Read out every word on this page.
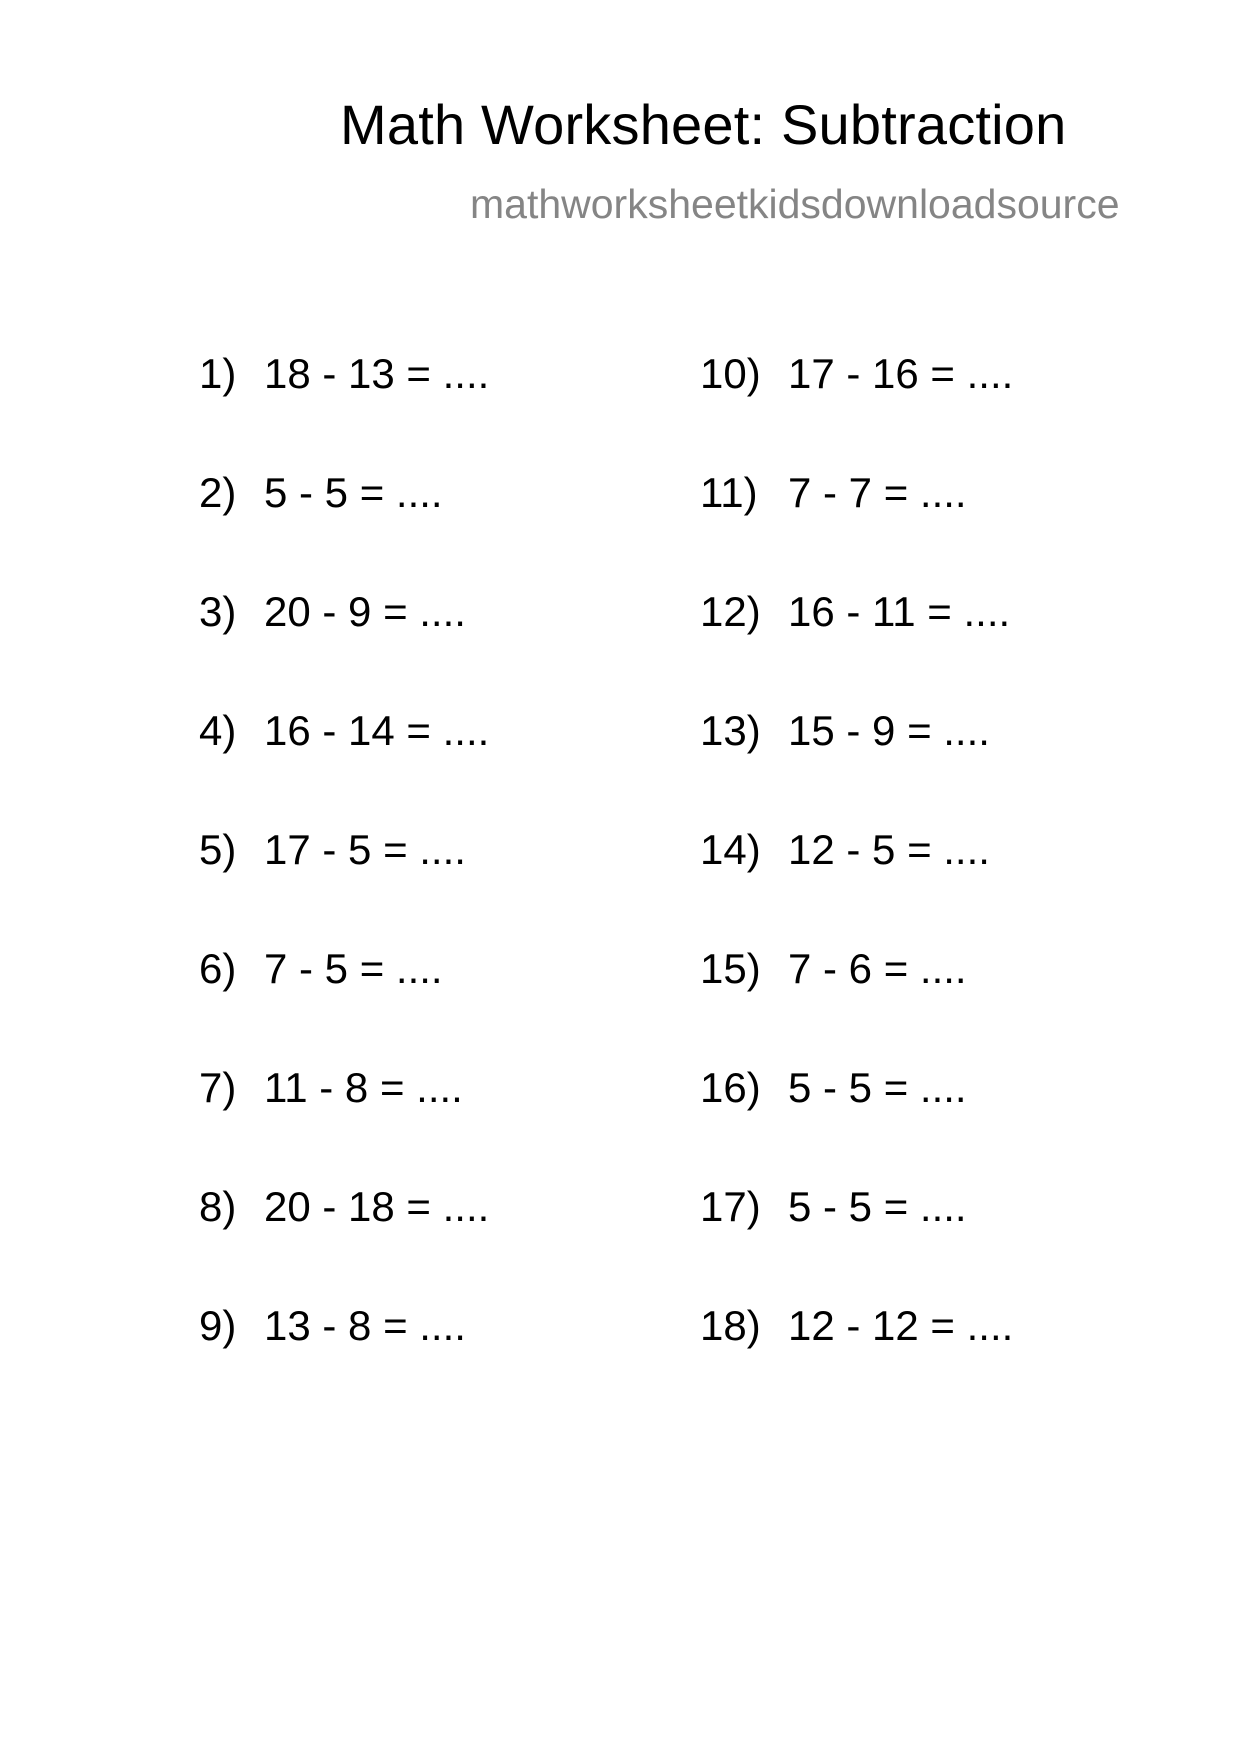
Math Worksheet: Subtraction
mathworksheetkidsdownloadsource
1) 18 - 13 = ....
2) 5 - 5 = ....
3) 20 - 9 = ....
4) 16 - 14 = ....
5) 17 - 5 = ....
6) 7 - 5 = ....
7) 11 - 8 = ....
8) 20 - 18 = ....
9) 13 - 8 = ....
10) 17 - 16 = ....
11) 7 - 7 = ....
12) 16 - 11 = ....
13) 15 - 9 = ....
14) 12 - 5 = ....
15) 7 - 6 = ....
16) 5 - 5 = ....
17) 5 - 5 = ....
18) 12 - 12 = ....
